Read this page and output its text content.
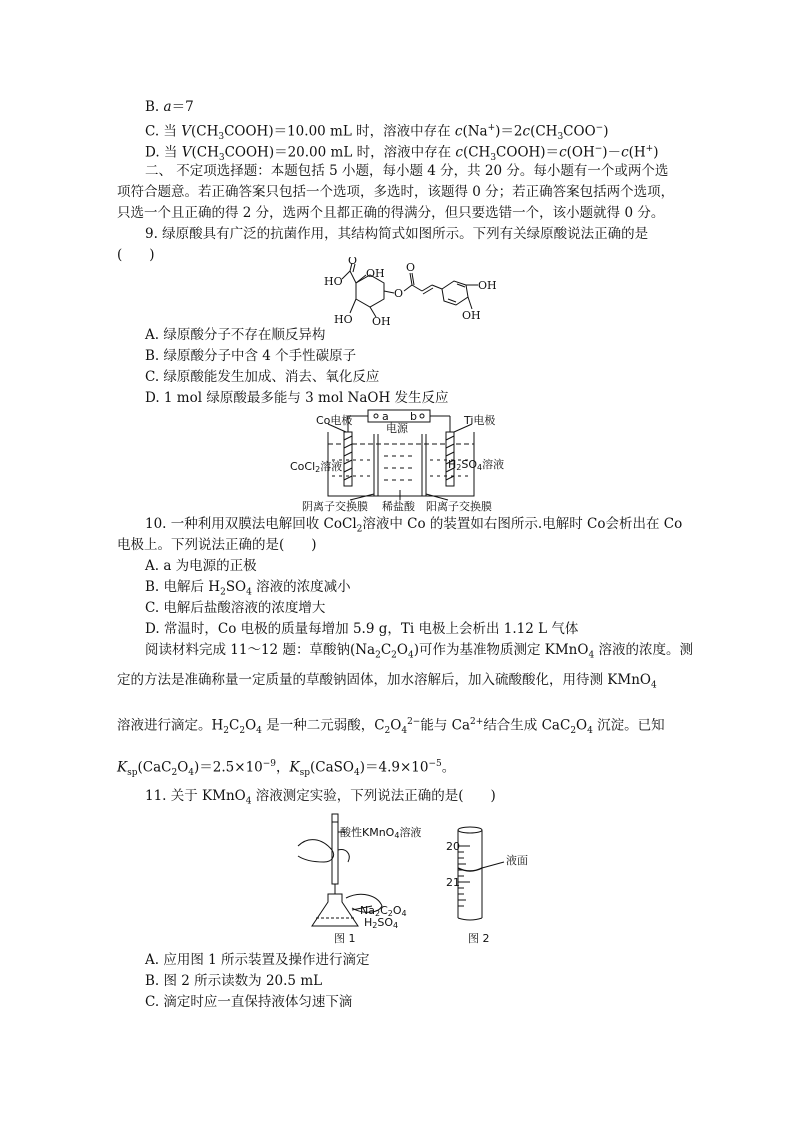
B. a＝7
C. 当 $V(CH_3COOH)=10.00$ mL 时，溶液中存在 $c(Na^+)=2c(CH_3COO^-)$
D. 当 $V(CH_3COOH)=20.00$ mL 时，溶液中存在 $c(CH_3COOH)=c(OH^-)-c(H^+)$
二、 不定项选择题：本题包括 5 小题，每小题 4 分，共 20 分。每小题有一个或两个选
项符合题意。若正确答案只包括一个选项，多选时，该题得 0 分；若正确答案包括两个选项，
只选一个且正确的得 2 分，选两个且都正确的得满分，但只要选错一个，该小题就得 0 分。
9. 绿原酸具有广泛的抗菌作用，其结构简式如图所示。下列有关绿原酸说法正确的是
(　　)	O
HO
OH
HO OH
O
O
OH
OH
A. 绿原酸分子不存在顺反异构
B. 绿原酸分子中含 4 个手性碳原子
C. 绿原酸能发生加成、消去、氧化反应
D. 1 mol 绿原酸最多能与 3 mol NaOH 发生反应
Co电极	Ti电极
a b
电源
CoCl2溶液	H2SO4溶液
阴离子交换膜 稀盐酸 阳离子交换膜
10. 一种利用双膜法电解回收 CoCl$_2$溶液中 Co 的装置如右图所示.电解时 Co会析出在 Co
电极上。下列说法正确的是(　　)
A. a 为电源的正极
B. 电解后 $H_2SO_4$ 溶液的浓度减小
C. 电解后盐酸溶液的浓度增大
D. 常温时，Co 电极的质量每增加 5.9 g，Ti 电极上会析出 1.12 L 气体
阅读材料完成 11～12 题：草酸钠$(Na_2C_2O_4)$可作为基准物质测定 KMnO$_4$ 溶液的浓度。测
定的方法是准确称量一定质量的草酸钠固体，加水溶解后，加入硫酸酸化，用待测 KMnO$_4$
溶液进行滴定。$H_2C_2O_4$ 是一种二元弱酸，$C_2O_4^{2-}$能与 $Ca^{2+}$结合生成 $CaC_2O_4$ 沉淀。已知
$K_{sp}(CaC_2O_4)=2.5\times 10^{-9}$，$K_{sp}(CaSO_4)=4.9\times 10^{-5}$。
11. 关于 KMnO$_4$ 溶液测定实验，下列说法正确的是(　　)
酸性KMnO4溶液
Na2C2O4
H2SO4
图 1
20
21
液面
图 2
A. 应用图 1 所示装置及操作进行滴定
B. 图 2 所示读数为 20.5 mL
C. 滴定时应一直保持液体匀速下滴
